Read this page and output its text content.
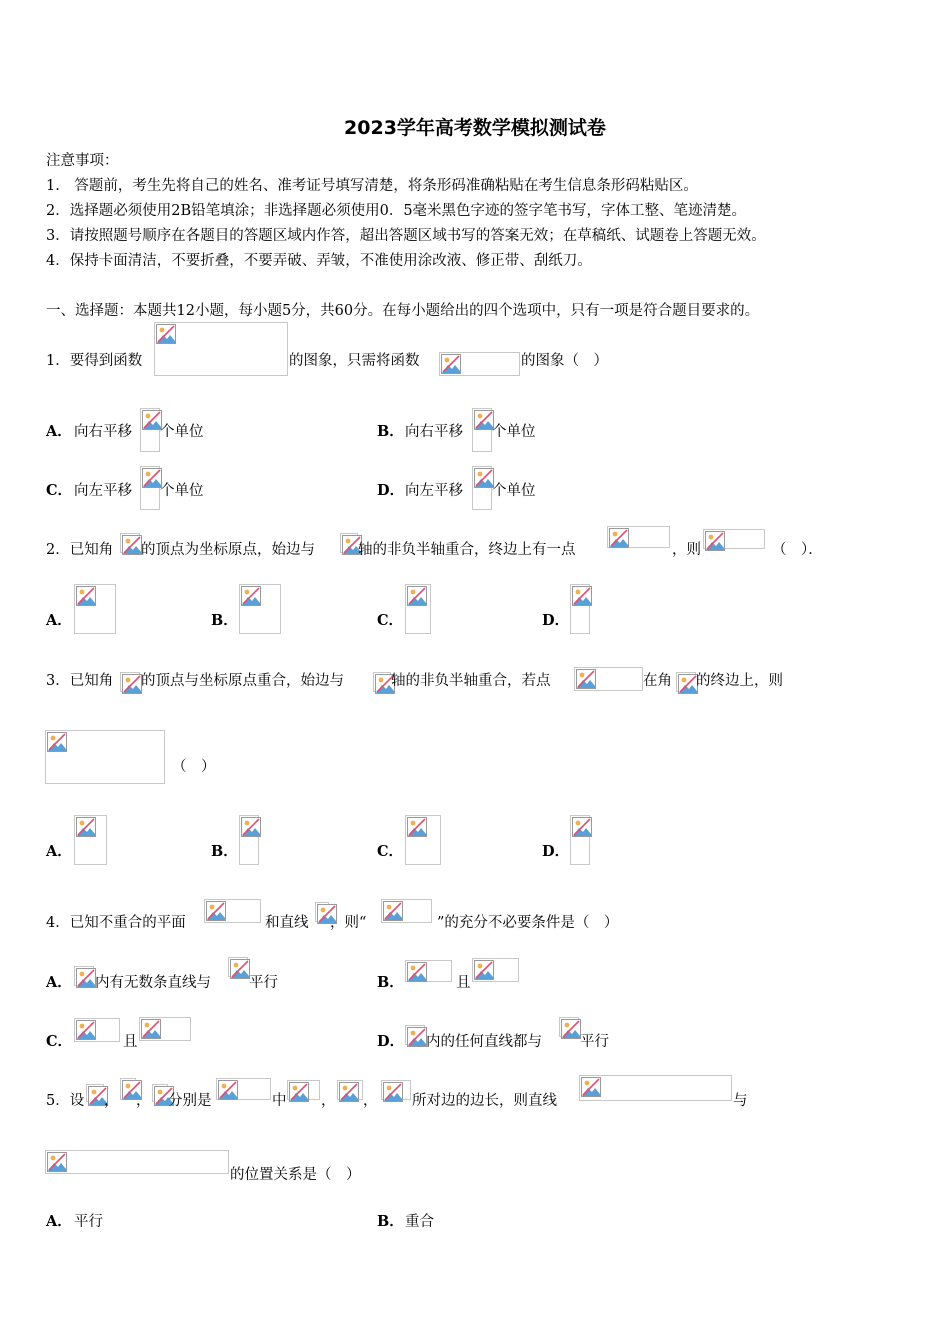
2023学年高考数学模拟测试卷
注意事项：
1.　答题前，考生先将自己的姓名、准考证号填写清楚，将条形码准确粘贴在考生信息条形码粘贴区。
2．选择题必须使用2B铅笔填涂；非选择题必须使用0．5毫米黑色字迹的签字笔书写，字体工整、笔迹清楚。
3．请按照题号顺序在各题目的答题区域内作答，超出答题区域书写的答案无效；在草稿纸、试题卷上答题无效。
4．保持卡面清洁，不要折叠，不要弄破、弄皱，不准使用涂改液、修正带、刮纸刀。
一、选择题：本题共12小题，每小题5分，共60分。在每小题给出的四个选项中，只有一项是符合题目要求的。
1．要得到函数	的图象，只需将函数	的图象（　）
A． 向右平移 个单位	B． 向右平移 个单位
C． 向左平移 个单位	D． 向左平移 个单位
2．已知角 的顶点为坐标原点，始边与	轴的非负半轴重合，终边上有一点	，则	（　）．
A．	B．	C．	D．
3．已知角 的顶点与坐标原点重合，始边与	轴的非负半轴重合，若点	在角 的终边上，则
（　）
A．	B．	C．	D．
4．已知不重合的平面	和直线 ，则“	”的充分不必要条件是（　）
A． 内有无数条直线与	平行	B．	且
C．	且	D． 内的任何直线都与	平行
5．设 ， ， 分别是	中 ， ， 所对边的边长，则直线	与
的位置关系是（　）
A． 平行	B． 重合
